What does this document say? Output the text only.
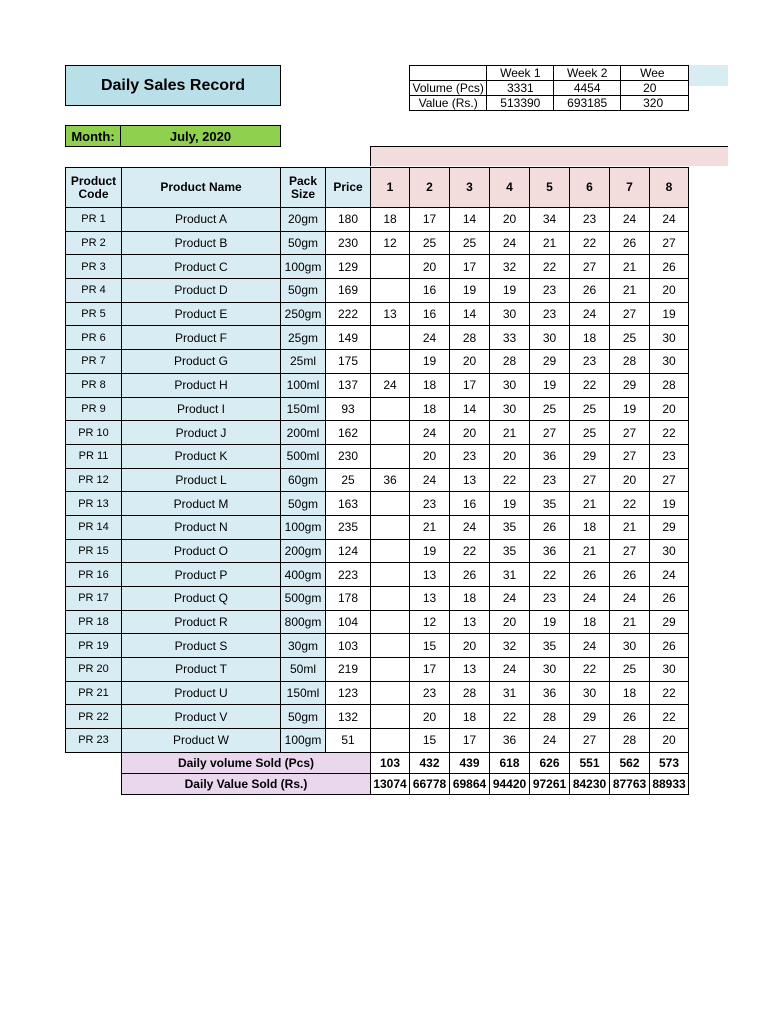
Daily Sales Record
Month:	July, 2020
	Week 1	Week 2	Wee
Volume (Pcs)	3331	4454	20
Value (Rs.)	513390	693185	320
Product Code	Product Name	Pack Size	Price	1	2	3	4	5	6	7	8
PR 1	Product A	20gm	180	18	17	14	20	34	23	24	24
PR 2	Product B	50gm	230	12	25	25	24	21	22	26	27
PR 3	Product C	100gm	129		20	17	32	22	27	21	26
PR 4	Product D	50gm	169		16	19	19	23	26	21	20
PR 5	Product E	250gm	222	13	16	14	30	23	24	27	19
PR 6	Product F	25gm	149		24	28	33	30	18	25	30
PR 7	Product G	25ml	175		19	20	28	29	23	28	30
PR 8	Product H	100ml	137	24	18	17	30	19	22	29	28
PR 9	Product I	150ml	93		18	14	30	25	25	19	20
PR 10	Product J	200ml	162		24	20	21	27	25	27	22
PR 11	Product K	500ml	230		20	23	20	36	29	27	23
PR 12	Product L	60gm	25	36	24	13	22	23	27	20	27
PR 13	Product M	50gm	163		23	16	19	35	21	22	19
PR 14	Product N	100gm	235		21	24	35	26	18	21	29
PR 15	Product O	200gm	124		19	22	35	36	21	27	30
PR 16	Product P	400gm	223		13	26	31	22	26	26	24
PR 17	Product Q	500gm	178		13	18	24	23	24	24	26
PR 18	Product R	800gm	104		12	13	20	19	18	21	29
PR 19	Product S	30gm	103		15	20	32	35	24	30	26
PR 20	Product T	50ml	219		17	13	24	30	22	25	30
PR 21	Product U	150ml	123		23	28	31	36	30	18	22
PR 22	Product V	50gm	132		20	18	22	28	29	26	22
PR 23	Product W	100gm	51		15	17	36	24	27	28	20
	Daily volume Sold (Pcs)			103	432	439	618	626	551	562	573
	Daily Value Sold (Rs.)			13074	66778	69864	94420	97261	84230	87763	88933
